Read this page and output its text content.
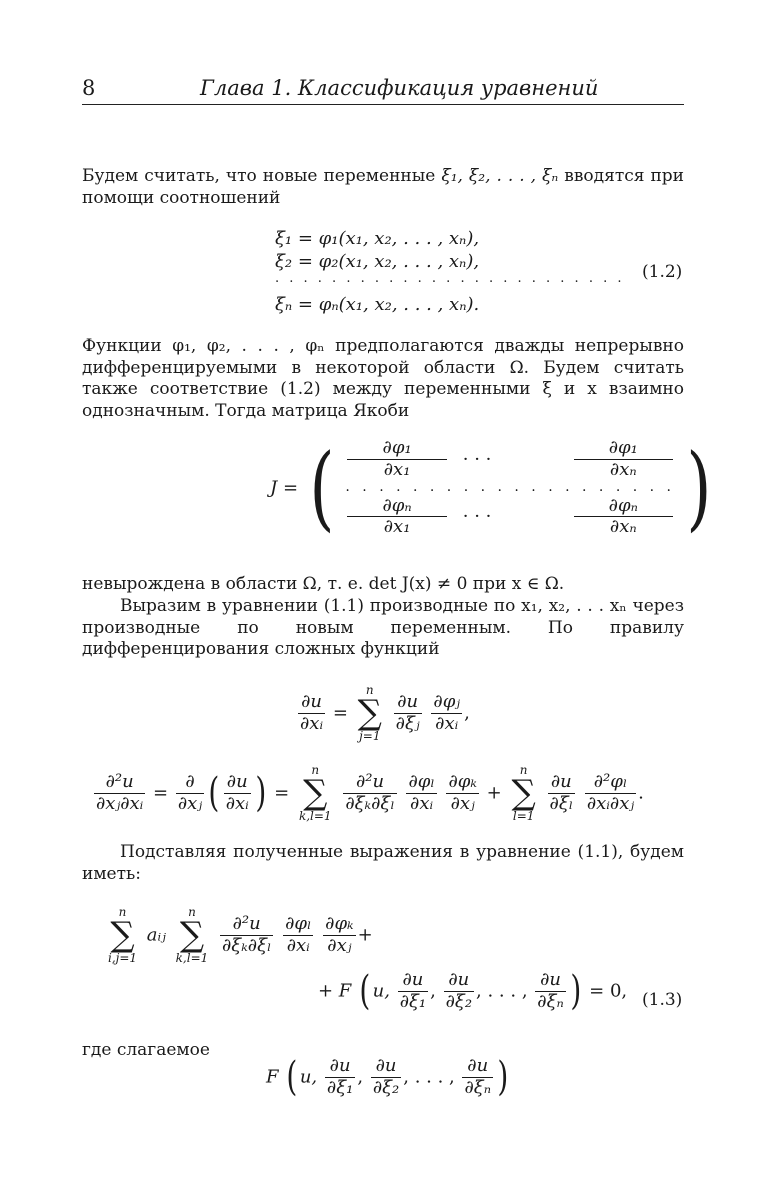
8	Глава 1. Классификация уравнений

Будем считать, что новые переменные ξ₁, ξ₂, . . . , ξₙ вводятся при помощи соотношений

ξ₁ = φ₁(x₁, x₂, . . . , xₙ),
ξ₂ = φ₂(x₁, x₂, . . . , xₙ),
. . . . . . . . . . . . . . . . . . . . . . . . .
ξₙ = φₙ(x₁, x₂, . . . , xₙ).
(1.2)

Функции φ₁, φ₂, . . . , φₙ предполагаются дважды непрерывно дифференцируемыми в некоторой области Ω. Будем считать также соответствие (1.2) между переменными ξ и x взаимно однозначным. Тогда матрица Якоби

J = ( $\frac{\text{∂φ₁}}{\text{∂x₁}}$ · · ·	$\frac{\text{∂φ₁}}{\text{∂xₙ}}$
. . . . . . . . . . . . . . . . . . . .
$\frac{\text{∂φₙ}}{\text{∂x₁}}$ · · ·	$\frac{\text{∂φₙ}}{\text{∂xₙ}}$ )

невырождена в области Ω, т. е. det J(x) ≠ 0 при x ∈ Ω.

Выразим в уравнении (1.1) производные по x₁, x₂, . . . xₙ через производные по новым переменным. По правилу дифференцирования сложных функций

$\frac{\partial u}{\text{∂xᵢ}}$ =
n
∑
j=1

$\frac{\partial u}{\text{∂ξⱼ}}$
$\frac{\text{∂φⱼ}}{\text{∂xᵢ}}$ ,
$\frac{\text{∂²u}}{\text{∂xⱼ∂xᵢ}} = \frac{\partial}{\text{∂xⱼ}}$ ( $\frac{\partial u}{\text{∂xᵢ}}$ ) =
n
∑
k,l=1

$\frac{\text{∂²u}}{\text{∂ξₖ∂ξₗ}}$
$\frac{\text{∂φₗ}}{\text{∂xᵢ}}$
$\frac{\text{∂φₖ}}{\text{∂xⱼ}}$ +
n
∑
l=1

$\frac{\partial u}{\text{∂ξₗ}}$
$\frac{\text{∂²φₗ}}{\text{∂xᵢ∂xⱼ}}$ .

Подставляя полученные выражения в уравнение (1.1), будем иметь:

n
∑
i,j=1
aᵢⱼ
n
∑
k,l=1

$\frac{\text{∂²u}}{\text{∂ξₖ∂ξₗ}}$
$\frac{\text{∂φₗ}}{\text{∂xᵢ}}$
$\frac{\text{∂φₖ}}{\text{∂xⱼ}}$ +
+ F ( u, $\frac{\partial u}{\text{∂ξ₁}}$ , $\frac{\partial u}{\text{∂ξ₂}}$ , . . . , $\frac{\partial u}{\text{∂ξₙ}}$ ) = 0, (1.3)

где слагаемое

F ( u, $\frac{\partial u}{\text{∂ξ₁}}$ , $\frac{\partial u}{\text{∂ξ₂}}$ , . . . , $\frac{\partial u}{\text{∂ξₙ}}$ )
